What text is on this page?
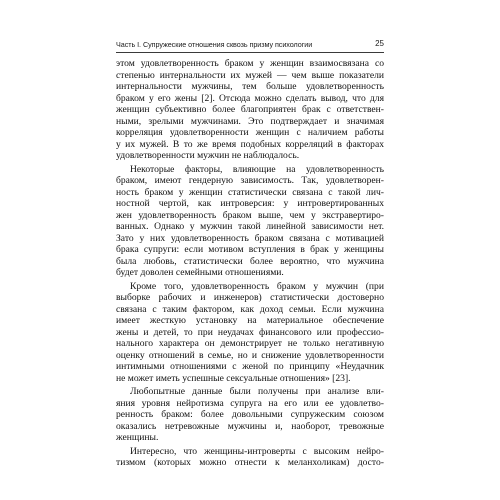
Часть I. Супружеские отношения сквозь призму психологии	25
этом удовлетворенность браком у женщин взаимосвязана со
степенью интернальности их мужей — чем выше показатели
интернальности мужчины, тем больше удовлетворенность
браком у его жены [2]. Отсюда можно сделать вывод, что для
женщин субъективно более благоприятен брак с ответствен-
ными, зрелыми мужчинами. Это подтверждает и значимая
корреляция удовлетворенности женщин с наличием работы
у их мужей. В то же время подобных корреляций в факторах
удовлетворенности мужчин не наблюдалось.
Некоторые факторы, влияющие на удовлетворенность
браком, имеют гендерную зависимость. Так, удовлетворен-
ность браком у женщин статистически связана с такой лич-
ностной чертой, как интроверсия: у интровертированных
жен удовлетворенность браком выше, чем у экстравертиро-
ванных. Однако у мужчин такой линейной зависимости нет.
Зато у них удовлетворенность браком связана с мотивацией
брака супруги: если мотивом вступления в брак у женщины
была любовь, статистически более вероятно, что мужчина
будет доволен семейными отношениями.
Кроме того, удовлетворенность браком у мужчин (при
выборке рабочих и инженеров) статистически достоверно
связана с таким фактором, как доход семьи. Если мужчина
имеет жесткую установку на материальное обеспечение
жены и детей, то при неудачах финансового или профессио-
нального характера он демонстрирует не только негативную
оценку отношений в семье, но и снижение удовлетворенности
интимными отношениями с женой по принципу «Неудачник
не может иметь успешные сексуальные отношения» [23].
Любопытные данные были получены при анализе вли-
яния уровня нейротизма супруга на его или ее удовлетво-
ренность браком: более довольными супружеским союзом
оказались нетревожные мужчины и, наоборот, тревожные
женщины.
Интересно, что женщины-интроверты с высоким нейро-
тизмом (которых можно отнести к меланхоликам) досто-
